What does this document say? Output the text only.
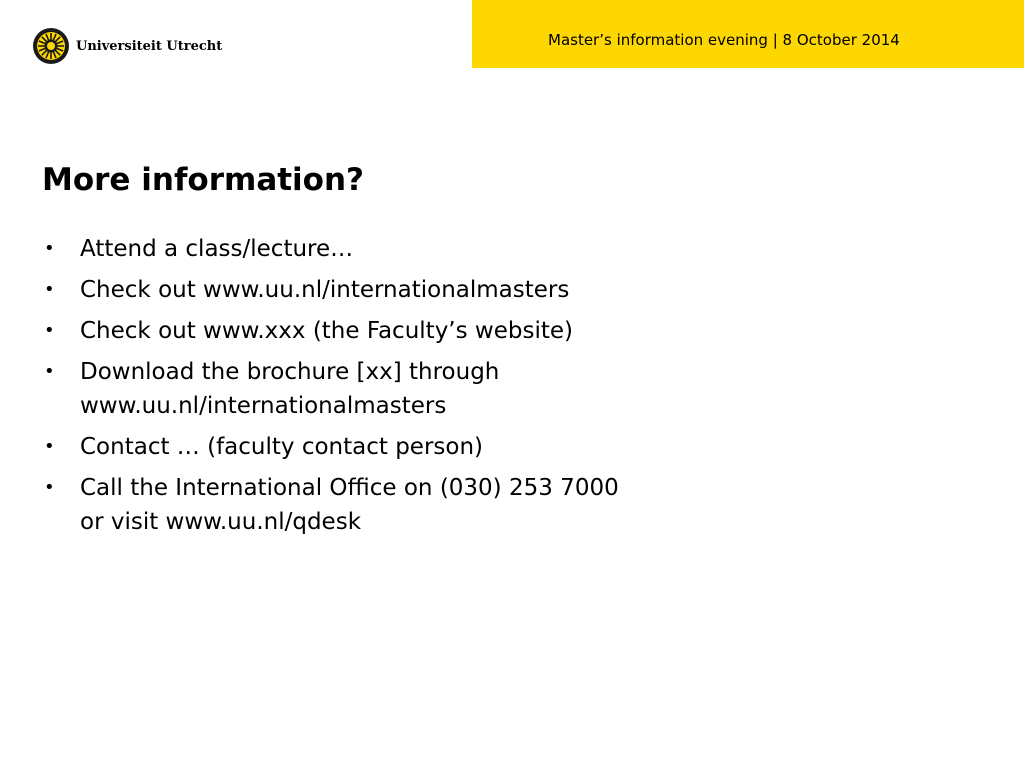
Master’s information evening | 8 October 2014
Universiteit Utrecht
More information?
• Attend a class/lecture…
• Check out www.uu.nl/internationalmasters
• Check out www.xxx (the Faculty’s website)
• Download the brochure [xx] through
www.uu.nl/internationalmasters
• Contact … (faculty contact person)
• Call the International Office on (030) 253 7000
or visit www.uu.nl/qdesk
